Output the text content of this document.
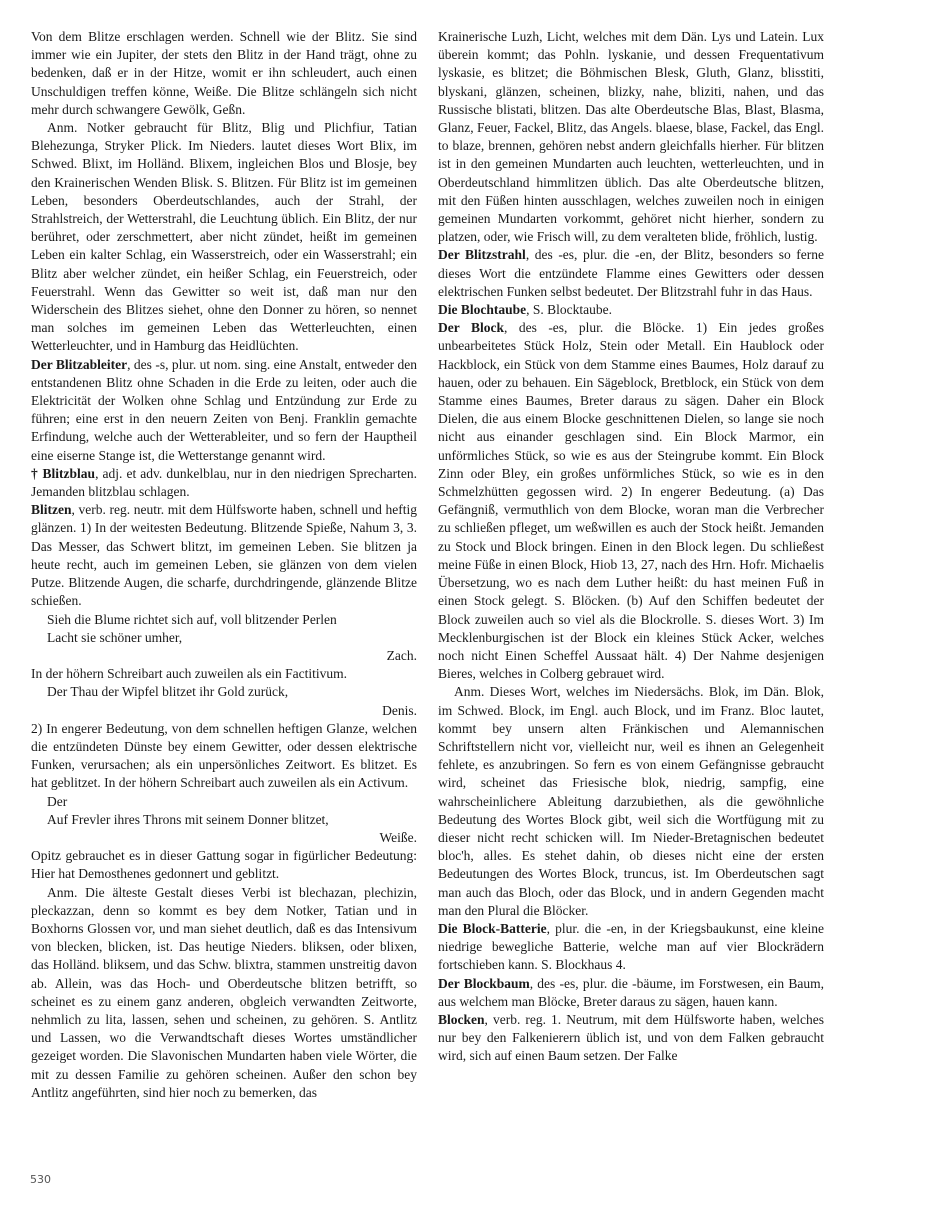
Von dem Blitze erschlagen werden. Schnell wie der Blitz. Sie sind immer wie ein Jupiter, der stets den Blitz in der Hand trägt, ohne zu bedenken, daß er in der Hitze, womit er ihn schleudert, auch einen Unschuldigen treffen könne, Weiße. Die Blitze schlängeln sich nicht mehr durch schwangere Gewölk, Geßn.

Anm. Notker gebraucht für Blitz, Blig und Plichfiur, Tatian Blehezunga, Stryker Plick. Im Nieders. lautet dieses Wort Blix, im Schwed. Blixt, im Holländ. Blixem, ingleichen Blos und Blosje, bey den Krainerischen Wenden Blisk. S. Blitzen. Für Blitz ist im gemeinen Leben, besonders Oberdeutschlandes, auch der Strahl, der Strahlstreich, der Wetterstrahl, die Leuchtung üblich. Ein Blitz, der nur berühret, oder zerschmettert, aber nicht zündet, heißt im gemeinen Leben ein kalter Schlag, ein Wasserstreich, oder ein Wasserstrahl; ein Blitz aber welcher zündet, ein heißer Schlag, ein Feuerstreich, oder Feuerstrahl. Wenn das Gewitter so weit ist, daß man nur den Widerschein des Blitzes siehet, ohne den Donner zu hören, so nennet man solches im gemeinen Leben das Wetterleuchten, einen Wetterleuchter, und in Hamburg das Heidlüchten.

Der Blitzableiter, des -s, plur. ut nom. sing. eine Anstalt, entweder den entstandenen Blitz ohne Schaden in die Erde zu leiten, oder auch die Elektricität der Wolken ohne Schlag und Entzündung zur Erde zu führen; eine erst in den neuern Zeiten von Benj. Franklin gemachte Erfindung, welche auch der Wetterableiter, und so fern der Hauptheil eine eiserne Stange ist, die Wetterstange genannt wird.

† Blitzblau, adj. et adv. dunkelblau, nur in den niedrigen Sprecharten. Jemanden blitzblau schlagen.

Blitzen, verb. reg. neutr. mit dem Hülfsworte haben, schnell und heftig glänzen. 1) In der weitesten Bedeutung. Blitzende Spieße, Nahum 3, 3. Das Messer, das Schwert blitzt, im gemeinen Leben. Sie blitzen ja heute recht, auch im gemeinen Leben, sie glänzen von dem vielen Putze. Blitzende Augen, die scharfe, durchdringende, glänzende Blitze schießen.

Sieh die Blume richtet sich auf, voll blitzender Perlen

Lacht sie schöner umher,

Zach.

In der höhern Schreibart auch zuweilen als ein Factitivum.

Der Thau der Wipfel blitzet ihr Gold zurück,

Denis.

2) In engerer Bedeutung, von dem schnellen heftigen Glanze, welchen die entzündeten Dünste bey einem Gewitter, oder dessen elektrische Funken, verursachen; als ein unpersönliches Zeitwort. Es blitzet. Es hat geblitzet. In der höhern Schreibart auch zuweilen als ein Activum.

Der

Auf Frevler ihres Throns mit seinem Donner blitzet,

Weiße.

Opitz gebrauchet es in dieser Gattung sogar in figürlicher Bedeutung: Hier hat Demosthenes gedonnert und geblitzt.

Anm. Die älteste Gestalt dieses Verbi ist blechazan, plechizin, pleckazzan, denn so kommt es bey dem Notker, Tatian und in Boxhorns Glossen vor, und man siehet deutlich, daß es das Intensivum von blecken, blicken, ist. Das heutige Nieders. bliksen, oder blixen, das Holländ. bliksem, und das Schw. blixtra, stammen unstreitig davon ab. Allein, was das Hoch- und Oberdeutsche blitzen betrifft, so scheinet es zu einem ganz anderen, obgleich verwandten Zeitworte, nehmlich zu lita, lassen, sehen und scheinen, zu gehören. S. Antlitz und Lassen, wo die Verwandtschaft dieses Wortes umständlicher gezeiget worden. Die Slavonischen Mundarten haben viele Wörter, die mit zu dessen Familie zu gehören scheinen. Außer den schon bey Antlitz angeführten, sind hier noch zu bemerken, das

Krainerische Luzh, Licht, welches mit dem Dän. Lys und Latein. Lux überein kommt; das Pohln. lyskanie, und dessen Frequentativum lyskasie, es blitzet; die Böhmischen Blesk, Gluth, Glanz, blisstiti, blyskani, glänzen, scheinen, blizky, nahe, bliziti, nahen, und das Russische blistati, blitzen. Das alte Oberdeutsche Blas, Blast, Blasma, Glanz, Feuer, Fackel, Blitz, das Angels. blaese, blase, Fackel, das Engl. to blaze, brennen, gehören nebst andern gleichfalls hierher. Für blitzen ist in den gemeinen Mundarten auch leuchten, wetterleuchten, und in Oberdeutschland himmlitzen üblich. Das alte Oberdeutsche blitzen, mit den Füßen hinten ausschlagen, welches zuweilen noch in einigen gemeinen Mundarten vorkommt, gehöret nicht hierher, sondern zu platzen, oder, wie Frisch will, zu dem veralteten blide, fröhlich, lustig.

Der Blitzstrahl, des -es, plur. die -en, der Blitz, besonders so ferne dieses Wort die entzündete Flamme eines Gewitters oder dessen elektrischen Funken selbst bedeutet. Der Blitzstrahl fuhr in das Haus.

Die Blochtaube, S. Blocktaube.

Der Block, des -es, plur. die Blöcke. 1) Ein jedes großes unbearbeitetes Stück Holz, Stein oder Metall. Ein Haublock oder Hackblock, ein Stück von dem Stamme eines Baumes, Holz darauf zu hauen, oder zu behauen. Ein Sägeblock, Bretblock, ein Stück von dem Stamme eines Baumes, Breter daraus zu sägen. Daher ein Block Dielen, die aus einem Blocke geschnittenen Dielen, so lange sie noch nicht aus einander geschlagen sind. Ein Block Marmor, ein unförmliches Stück, so wie es aus der Steingrube kommt. Ein Block Zinn oder Bley, ein großes unförmliches Stück, so wie es in den Schmelzhütten gegossen wird. 2) In engerer Bedeutung. (a) Das Gefängniß, vermuthlich von dem Blocke, woran man die Verbrecher zu schließen pfleget, um weßwillen es auch der Stock heißt. Jemanden zu Stock und Block bringen. Einen in den Block legen. Du schließest meine Füße in einen Block, Hiob 13, 27, nach des Hrn. Hofr. Michaelis Übersetzung, wo es nach dem Luther heißt: du hast meinen Fuß in einen Stock gelegt. S. Blöcken. (b) Auf den Schiffen bedeutet der Block zuweilen auch so viel als die Blockrolle. S. dieses Wort. 3) Im Mecklenburgischen ist der Block ein kleines Stück Acker, welches noch nicht Einen Scheffel Aussaat hält. 4) Der Nahme desjenigen Bieres, welches in Colberg gebrauet wird.

Anm. Dieses Wort, welches im Niedersächs. Blok, im Dän. Blok, im Schwed. Block, im Engl. auch Block, und im Franz. Bloc lautet, kommt bey unsern alten Fränkischen und Alemannischen Schriftstellern nicht vor, vielleicht nur, weil es ihnen an Gelegenheit fehlete, es anzubringen. So fern es von einem Gefängnisse gebraucht wird, scheinet das Friesische blok, niedrig, sampfig, eine wahrscheinlichere Ableitung darzubiethen, als die gewöhnliche Bedeutung des Wortes Block gibt, weil sich die Wortfügung mit zu dieser nicht recht schicken will. Im Nieder-Bretagnischen bedeutet bloc'h, alles. Es stehet dahin, ob dieses nicht eine der ersten Bedeutungen des Wortes Block, truncus, ist. Im Oberdeutschen sagt man auch das Bloch, oder das Block, und in andern Gegenden macht man den Plural die Blöcker.

Die Block-Batterie, plur. die -en, in der Kriegsbaukunst, eine kleine niedrige bewegliche Batterie, welche man auf vier Blockrädern fortschieben kann. S. Blockhaus 4.

Der Blockbaum, des -es, plur. die -bäume, im Forstwesen, ein Baum, aus welchem man Blöcke, Breter daraus zu sägen, hauen kann.

Blocken, verb. reg. 1. Neutrum, mit dem Hülfsworte haben, welches nur bey den Falkenierern üblich ist, und von dem Falken gebraucht wird, sich auf einen Baum setzen. Der Falke

530
